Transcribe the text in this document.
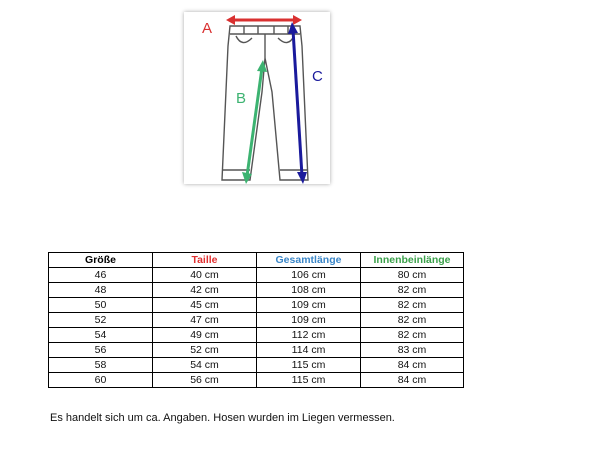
A
B
C
Größe	Taille	Gesamtlänge	Innenbeinlänge
46	40 cm	106 cm	80 cm
48	42 cm	108 cm	82 cm
50	45 cm	109 cm	82 cm
52	47 cm	109 cm	82 cm
54	49 cm	112 cm	82 cm
56	52 cm	114 cm	83 cm
58	54 cm	115 cm	84 cm
60	56 cm	115 cm	84 cm
Es handelt sich um ca. Angaben. Hosen wurden im Liegen vermessen.
